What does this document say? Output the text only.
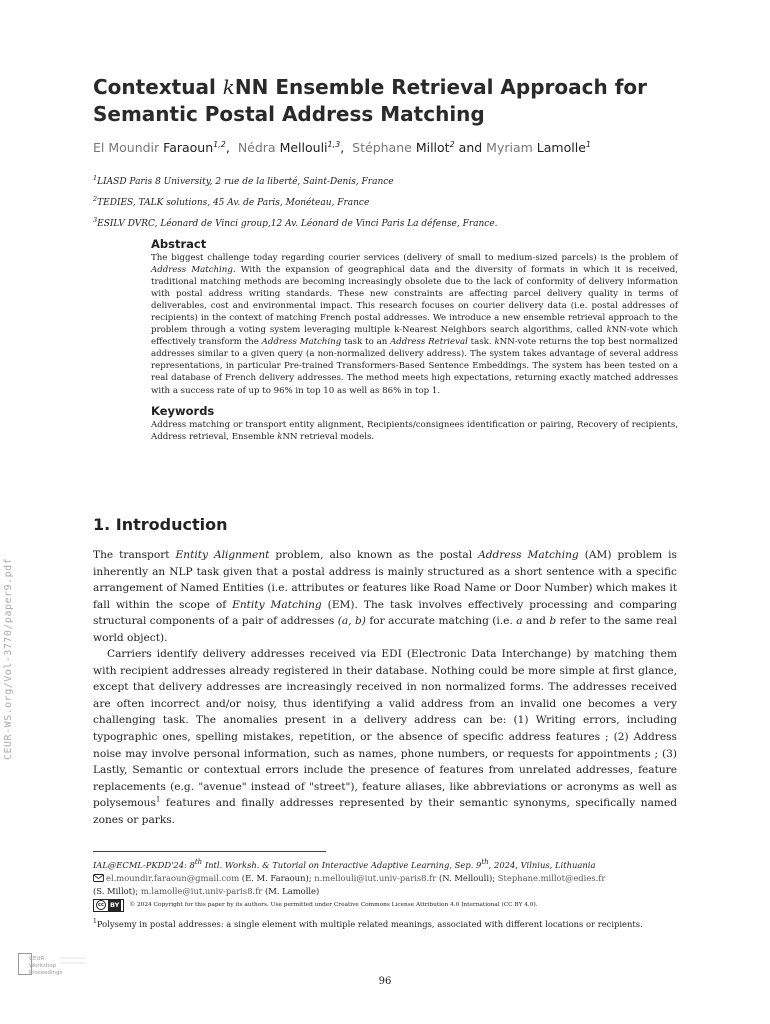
Contextual kNN Ensemble Retrieval Approach for
Semantic Postal Address Matching
El Moundir Faraoun$^{1,2}$,  Nédra Mellouli$^{1,3}$,  Stéphane Millot$^2$ and Myriam Lamolle$^1$
$^1$LIASD Paris 8 University, 2 rue de la liberté, Saint-Denis, France
$^2$TEDIES, TALK solutions, 45 Av. de Paris, Monéteau, France
$^3$ESILV DVRC, Léonard de Vinci group,12 Av. Léonard de Vinci Paris La défense, France.
Abstract

The biggest challenge today regarding courier services (delivery of small to medium-sized parcels) is the problem of Address Matching. With the expansion of geographical data and the diversity of formats in which it is received, traditional matching methods are becoming increasingly obsolete due to the lack of conformity of delivery information with postal address writing standards. These new constraints are affecting parcel delivery quality in terms of deliverables, cost and environmental impact. This research focuses on courier delivery data (i.e. postal addresses of recipients) in the context of matching French postal addresses. We introduce a new ensemble retrieval approach to the problem through a voting system leveraging multiple k-Nearest Neighbors search algorithms, called kNN-vote which effectively transform the Address Matching task to an Address Retrieval task. kNN-vote returns the top best normalized addresses similar to a given query (a non-normalized delivery address). The system takes advantage of several address representations, in particular Pre-trained Transformers-Based Sentence Embeddings. The system has been tested on a real database of French delivery addresses. The method meets high expectations, returning exactly matched addresses with a success rate of up to 96% in top 10 as well as 86% in top 1.

Keywords

Address matching or transport entity alignment, Recipients/consignees identification or pairing, Recovery of recipients, Address retrieval, Ensemble kNN retrieval models.

1. Introduction

The transport Entity Alignment problem, also known as the postal Address Matching (AM) problem is inherently an NLP task given that a postal address is mainly structured as a short sentence with a specific arrangement of Named Entities (i.e. attributes or features like Road Name or Door Number) which makes it fall within the scope of Entity Matching (EM). The task involves effectively processing and comparing structural components of a pair of addresses (a, b) for accurate matching (i.e. a and b refer to the same real world object).

Carriers identify delivery addresses received via EDI (Electronic Data Interchange) by matching them with recipient addresses already registered in their database. Nothing could be more simple at first glance, except that delivery addresses are increasingly received in non normalized forms. The addresses received are often incorrect and/or noisy, thus identifying a valid address from an invalid one becomes a very challenging task. The anomalies present in a delivery address can be: (1) Writing errors, including typographic ones, spelling mistakes, repetition, or the absence of specific address features ; (2) Address noise may involve personal information, such as names, phone numbers, or requests for appointments ; (3) Lastly, Semantic or contextual errors include the presence of features from unrelated addresses, feature replacements (e.g. "avenue" instead of "street"), feature aliases, like abbreviations or acronyms as well as polysemous$^1$ features and finally addresses represented by their semantic synonyms, specifically named zones or parks.

CEUR-WS.org/Vol-3770/paper9.pdf

IAL@ECML-PKDD'24: 8th Intl. Worksh. & Tutorial on Interactive Adaptive Learning, Sep. 9th, 2024, Vilnius, Lithuania

el.moundir.faraoun@gmail.com (E. M. Faraoun); n.mellouli@iut.univ-paris8.fr (N. Mellouli); Stephane.millot@edies.fr
(S. Millot); m.lamolle@iut.univ-paris8.fr (M. Lamolle)

cc BY	© 2024 Copyright for this paper by its authors. Use permitted under Creative Commons License Attribution 4.0 International (CC BY 4.0).

$^1$Polysemy in postal addresses: a single element with multiple related meanings, associated with different locations or recipients.

CEUR
Workshop
Proceedings
96
